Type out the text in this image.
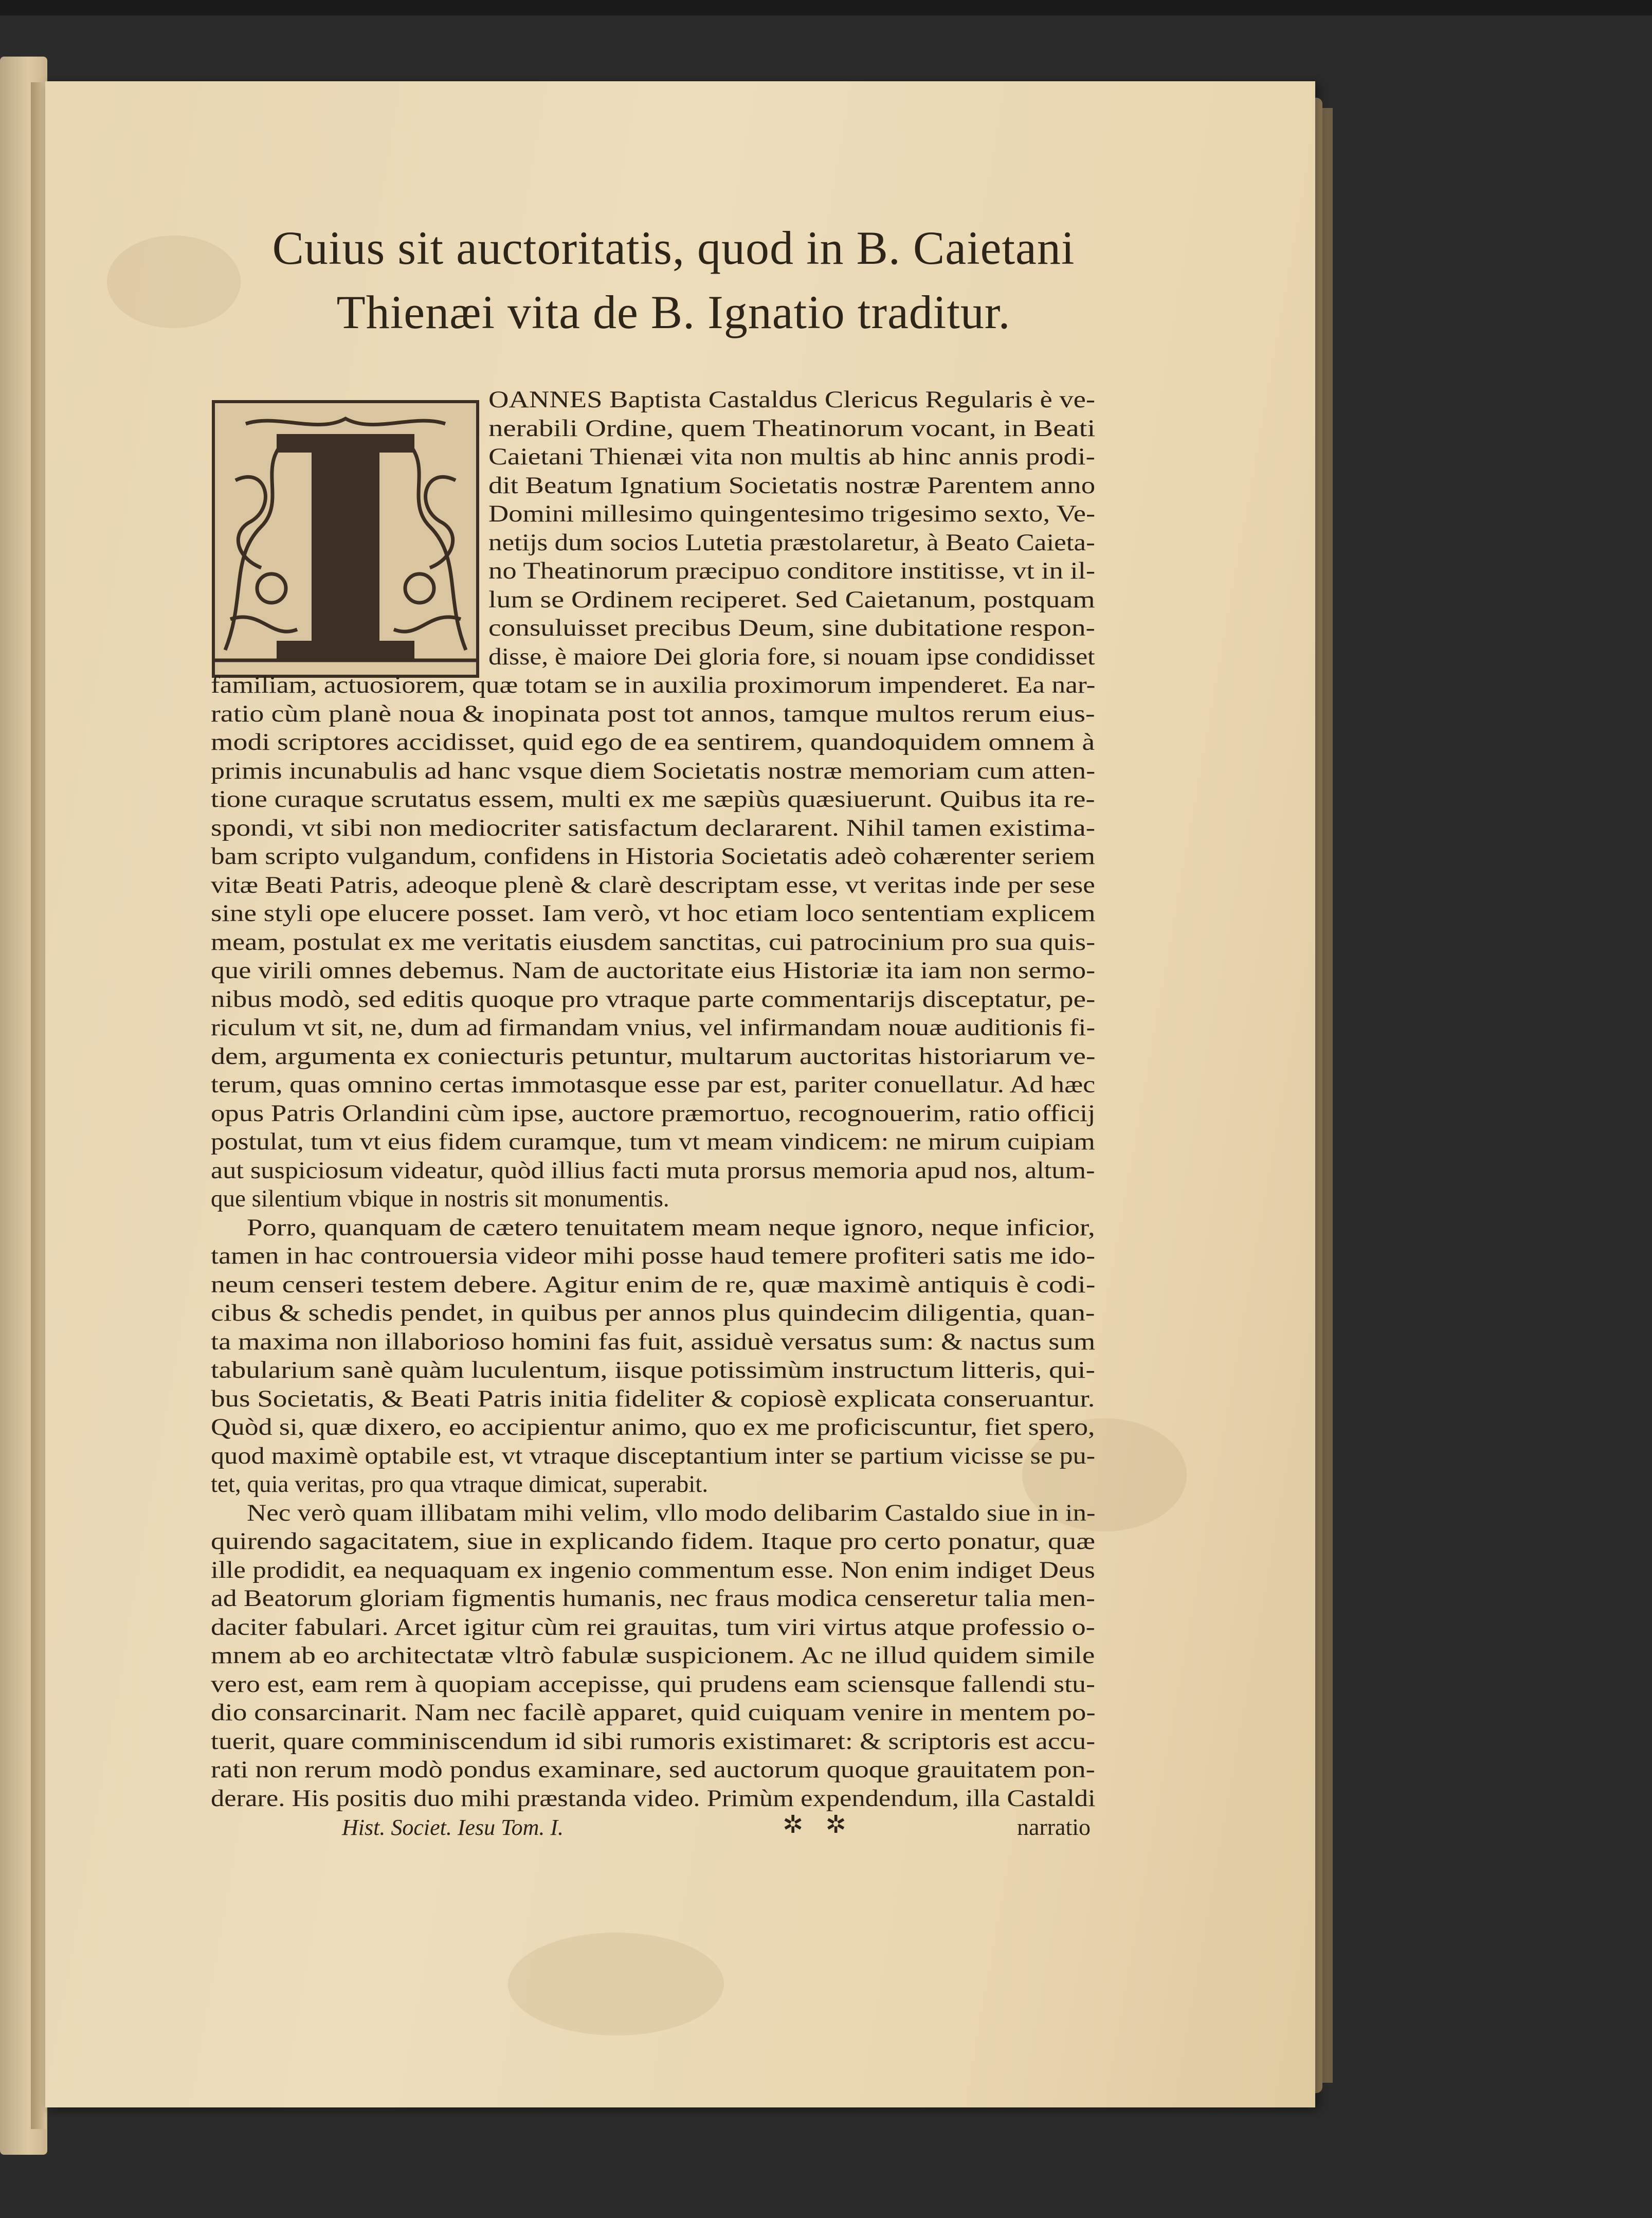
Cuius sit auctoritatis, quod in B. Caietani
Thienæi vita de B. Ignatio traditur.
OANNES Baptista Castaldus Clericus Regularis è ve-
nerabili Ordine, quem Theatinorum vocant, in Beati
Caietani Thienæi vita non multis ab hinc annis prodi-
dit Beatum Ignatium Societatis nostræ Parentem anno
Domini millesimo quingentesimo trigesimo sexto, Ve-
netijs dum socios Lutetia præstolaretur, à Beato Caieta-
no Theatinorum præcipuo conditore institisse, vt in il-
lum se Ordinem reciperet. Sed Caietanum, postquam
consuluisset precibus Deum, sine dubitatione respon-
disse, è maiore Dei gloria fore, si nouam ipse condidisset
familiam, actuosiorem, quæ totam se in auxilia proximorum impenderet. Ea nar-
ratio cùm planè noua & inopinata post tot annos, tamque multos rerum eius-
modi scriptores accidisset, quid ego de ea sentirem, quandoquidem omnem à
primis incunabulis ad hanc vsque diem Societatis nostræ memoriam cum atten-
tione curaque scrutatus essem, multi ex me sæpiùs quæsiuerunt. Quibus ita re-
spondi, vt sibi non mediocriter satisfactum declararent. Nihil tamen existima-
bam scripto vulgandum, confidens in Historia Societatis adeò cohærenter seriem
vitæ Beati Patris, adeoque plenè & clarè descriptam esse, vt veritas inde per sese
sine styli ope elucere posset. Iam verò, vt hoc etiam loco sententiam explicem
meam, postulat ex me veritatis eiusdem sanctitas, cui patrocinium pro sua quis-
que virili omnes debemus. Nam de auctoritate eius Historiæ ita iam non sermo-
nibus modò, sed editis quoque pro vtraque parte commentarijs disceptatur, pe-
riculum vt sit, ne, dum ad firmandam vnius, vel infirmandam nouæ auditionis fi-
dem, argumenta ex coniecturis petuntur, multarum auctoritas historiarum ve-
terum, quas omnino certas immotasque esse par est, pariter conuellatur. Ad hæc
opus Patris Orlandini cùm ipse, auctore præmortuo, recognouerim, ratio officij
postulat, tum vt eius fidem curamque, tum vt meam vindicem: ne mirum cuipiam
aut suspiciosum videatur, quòd illius facti muta prorsus memoria apud nos, altum-
que silentium vbique in nostris sit monumentis.
Porro, quanquam de cætero tenuitatem meam neque ignoro, neque inficior,
tamen in hac controuersia videor mihi posse haud temere profiteri satis me ido-
neum censeri testem debere. Agitur enim de re, quæ maximè antiquis è codi-
cibus & schedis pendet, in quibus per annos plus quindecim diligentia, quan-
ta maxima non illaborioso homini fas fuit, assiduè versatus sum: & nactus sum
tabularium sanè quàm luculentum, iisque potissimùm instructum litteris, qui-
bus Societatis, & Beati Patris initia fideliter & copiosè explicata conseruantur.
Quòd si, quæ dixero, eo accipientur animo, quo ex me proficiscuntur, fiet spero,
quod maximè optabile est, vt vtraque disceptantium inter se partium vicisse se pu-
tet, quia veritas, pro qua vtraque dimicat, superabit.
Nec verò quam illibatam mihi velim, vllo modo delibarim Castaldo siue in in-
quirendo sagacitatem, siue in explicando fidem. Itaque pro certo ponatur, quæ
ille prodidit, ea nequaquam ex ingenio commentum esse. Non enim indiget Deus
ad Beatorum gloriam figmentis humanis, nec fraus modica censeretur talia men-
daciter fabulari. Arcet igitur cùm rei grauitas, tum viri virtus atque professio o-
mnem ab eo architectatæ vltrò fabulæ suspicionem. Ac ne illud quidem simile
vero est, eam rem à quopiam accepisse, qui prudens eam sciensque fallendi stu-
dio consarcinarit. Nam nec facilè apparet, quid cuiquam venire in mentem po-
tuerit, quare comminiscendum id sibi rumoris existimaret: & scriptoris est accu-
rati non rerum modò pondus examinare, sed auctorum quoque grauitatem pon-
derare. His positis duo mihi præstanda video. Primùm expendendum, illa Castaldi
Hist. Societ. Iesu Tom. I.	✲ ✲	narratio
